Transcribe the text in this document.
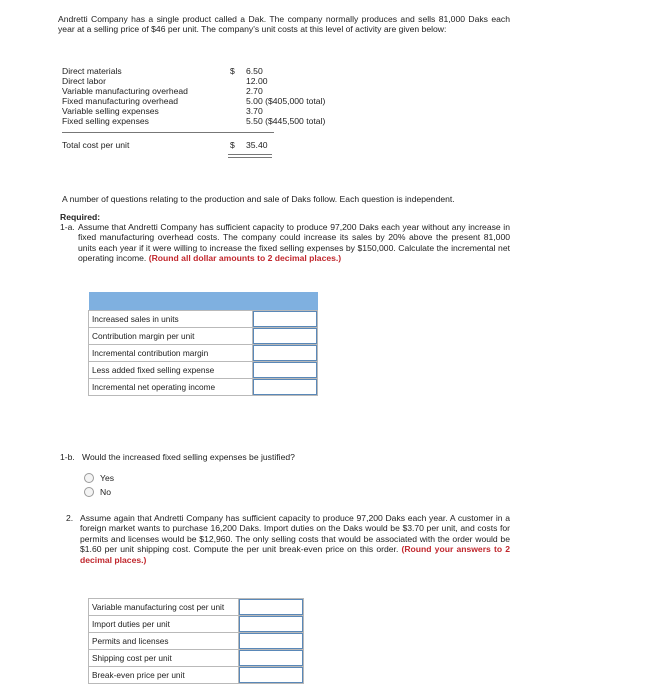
Andretti Company has a single product called a Dak. The company normally produces and sells 81,000 Daks each year at a selling price of $46 per unit. The company's unit costs at this level of activity are given below:
Direct materials	$ 6.50
Direct labor	12.00
Variable manufacturing overhead	2.70
Fixed manufacturing overhead	5.00 ($405,000 total)
Variable selling expenses	3.70
Fixed selling expenses	5.50 ($445,500 total)
Total cost per unit	$ 35.40
A number of questions relating to the production and sale of Daks follow. Each question is independent.
Required:
1-a. Assume that Andretti Company has sufficient capacity to produce 97,200 Daks each year without any increase in fixed manufacturing overhead costs. The company could increase its sales by 20% above the present 81,000 units each year if it were willing to increase the fixed selling expenses by $150,000. Calculate the incremental net operating income. (Round all dollar amounts to 2 decimal places.)

Increased sales in units	
Contribution margin per unit	
Incremental contribution margin	
Less added fixed selling expense	
Incremental net operating income	
1-b. Would the increased fixed selling expenses be justified?
Yes
No
2. Assume again that Andretti Company has sufficient capacity to produce 97,200 Daks each year. A customer in a foreign market wants to purchase 16,200 Daks. Import duties on the Daks would be $3.70 per unit, and costs for permits and licenses would be $12,960. The only selling costs that would be associated with the order would be $1.60 per unit shipping cost. Compute the per unit break-even price on this order. (Round your answers to 2 decimal places.)
Variable manufacturing cost per unit	
Import duties per unit	
Permits and licenses	
Shipping cost per unit	
Break-even price per unit	
